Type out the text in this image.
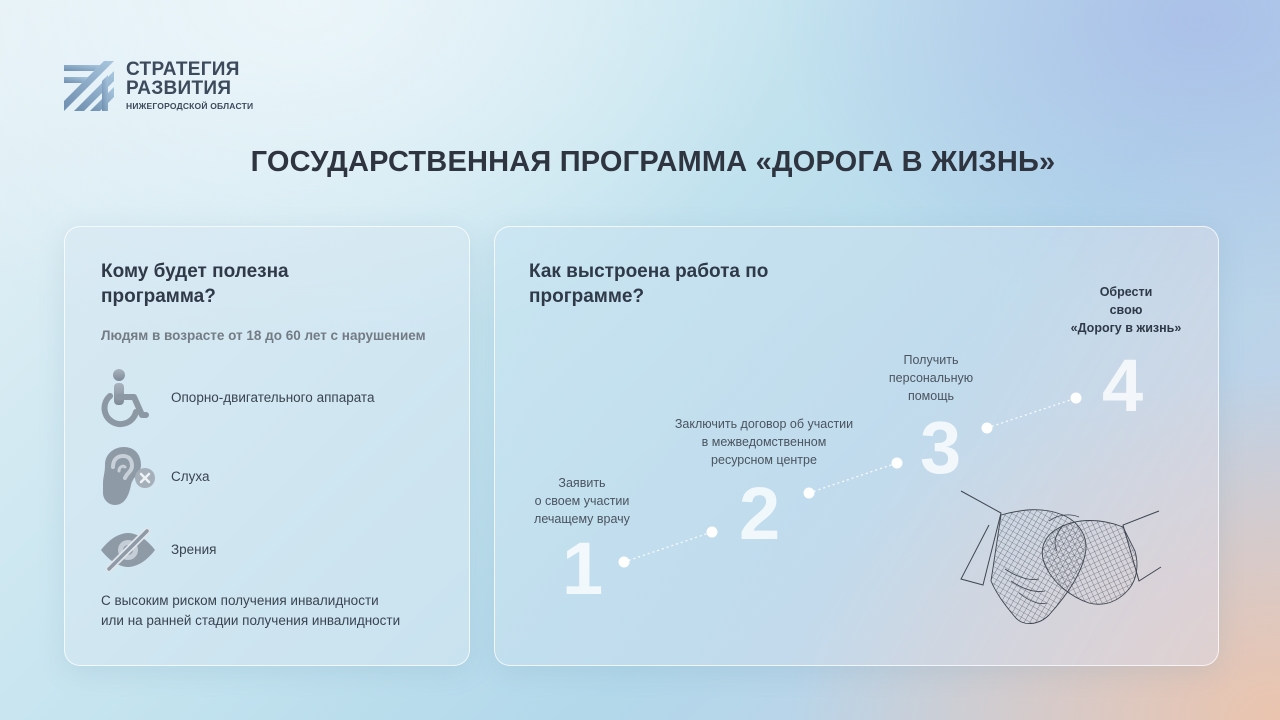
СТРАТЕГИЯ
РАЗВИТИЯ
НИЖЕГОРОДСКОЙ ОБЛАСТИ
ГОСУДАРСТВЕННАЯ ПРОГРАММА «ДОРОГА В ЖИЗНЬ»
Кому будет полезна программа?
Людям в возрасте от 18 до 60 лет с нарушением
Опорно-двигательного аппарата
Слуха
Зрения
С высоким риском получения инвалидности
или на ранней стадии получения инвалидности
Как выстроена работа по программе?
1
2
3
4
Заявить
о своем участии
лечащему врачу
Заключить договор об участии
в межведомственном
ресурсном центре
Получить
персональную
помощь
Обрести
свою
«Дорогу в жизнь»
